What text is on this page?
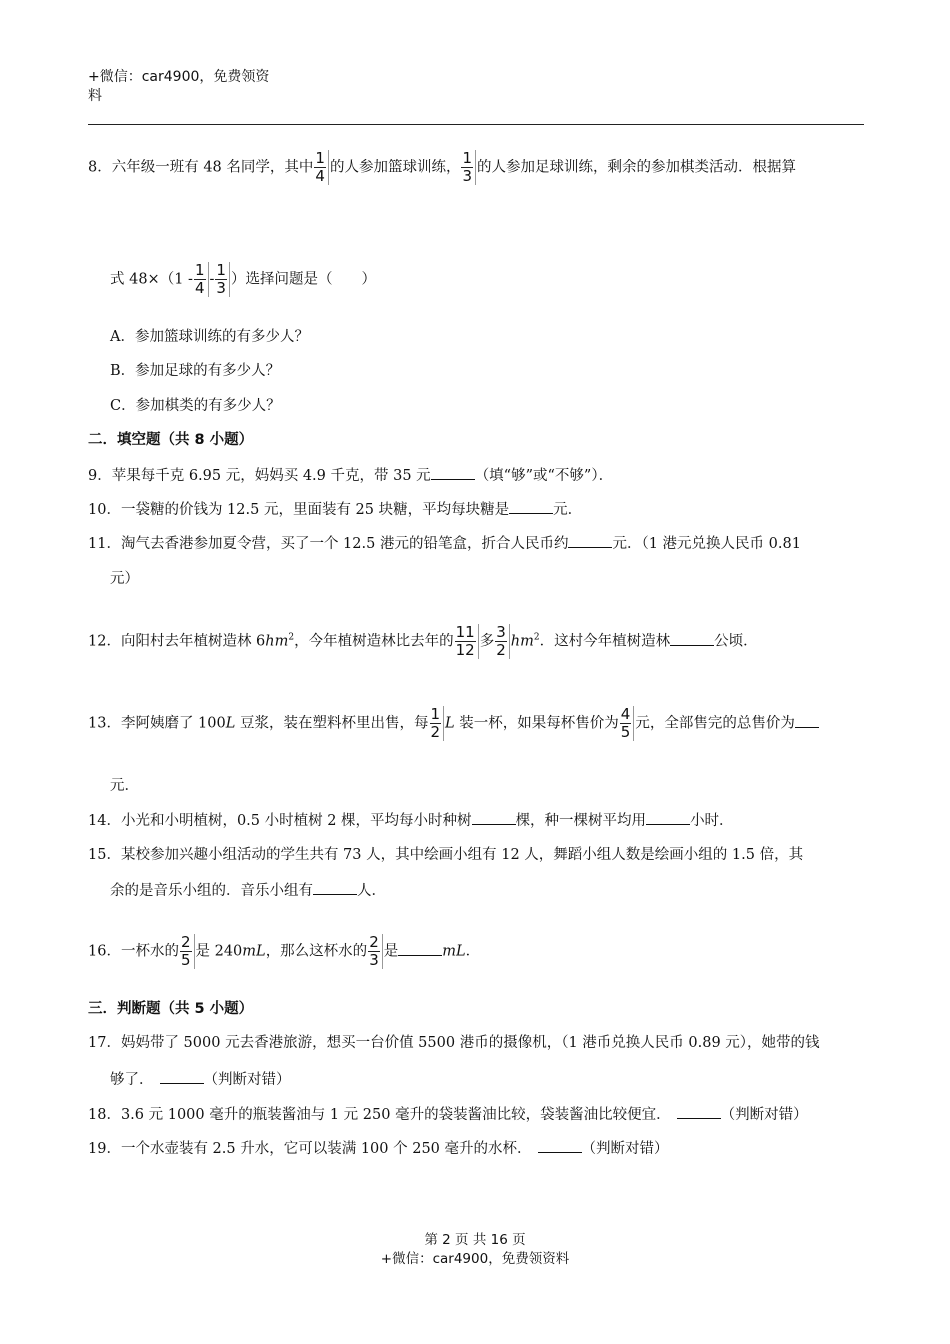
+微信：car4900，免费领资
料
8．六年级一班有 48 名同学，其中 $\frac{1}{4}$ 的人参加篮球训练， $\frac{1}{3}$ 的人参加足球训练，剩余的参加棋类活动．根据算
式 $48\times(1 - \frac{1}{4} - \frac{1}{3}$ ）选择问题是（　　）
A．参加篮球训练的有多少人？
B．参加足球的有多少人？
C．参加棋类的有多少人？
二．填空题（共 8 小题）
9．苹果每千克 6.95 元，妈妈买 4.9 千克，带 35 元	（填“够”或“不够”）．
10．一袋糖的价钱为 12.5 元，里面装有 25 块糖，平均每块糖是	元．
11．淘气去香港参加夏令营，买了一个 12.5 港元的铅笔盒，折合人民币约	元．（1 港元兑换人民币 0.81
元）
12．向阳村去年植树造林 $6hm^2$，今年植树造林比去年的 $\frac{11}{12}$ 多 $\frac{3}{2} hm^2$．这村今年植树造林	公顷．
13．李阿姨磨了 100L 豆浆，装在塑料杯里出售，每 $\frac{1}{2}$ L 装一杯，如果每杯售价为 $\frac{4}{5}$ 元，全部售完的总售价为
元．
14．小光和小明植树，0.5 小时植树 2 棵，平均每小时种树	棵，种一棵树平均用	小时．
15．某校参加兴趣小组活动的学生共有 73 人，其中绘画小组有 12 人，舞蹈小组人数是绘画小组的 1.5 倍，其
余的是音乐小组的．音乐小组有	人．
16．一杯水的 $\frac{2}{5}$ 是 240mL，那么这杯水的 $\frac{2}{3}$ 是	mL．
三．判断题（共 5 小题）
17．妈妈带了 5000 元去香港旅游，想买一台价值 5500 港币的摄像机，（1 港币兑换人民币 0.89 元），她带的钱
够了．	（判断对错）
18．3.6 元 1000 毫升的瓶装酱油与 1 元 250 毫升的袋装酱油比较，袋装酱油比较便宜．	（判断对错）
19．一个水壶装有 2.5 升水，它可以装满 100 个 250 毫升的水杯．	（判断对错）
第 2 页 共 16 页
+微信：car4900，免费领资料
